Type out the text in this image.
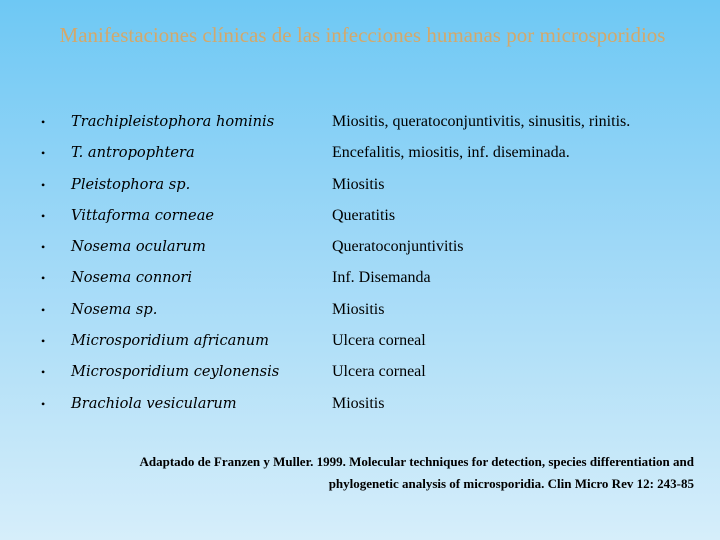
Manifestaciones clínicas de las infecciones humanas por microsporidios
• Trachipleistophora hominis	Miositis, queratoconjuntivitis, sinusitis, rinitis.
• T. antropophtera	Encefalitis, miositis, inf. diseminada.
• Pleistophora sp.	Miositis
• Vittaforma corneae	Queratitis
• Nosema ocularum	Queratoconjuntivitis
• Nosema connori	Inf. Disemanda
• Nosema sp.	Miositis
• Microsporidium africanum	Ulcera corneal
• Microsporidium ceylonensis	Ulcera corneal
• Brachiola vesicularum	Miositis
Adaptado de Franzen y Muller. 1999. Molecular techniques for detection, species differentiation and
phylogenetic analysis of microsporidia. Clin Micro Rev 12: 243-85
